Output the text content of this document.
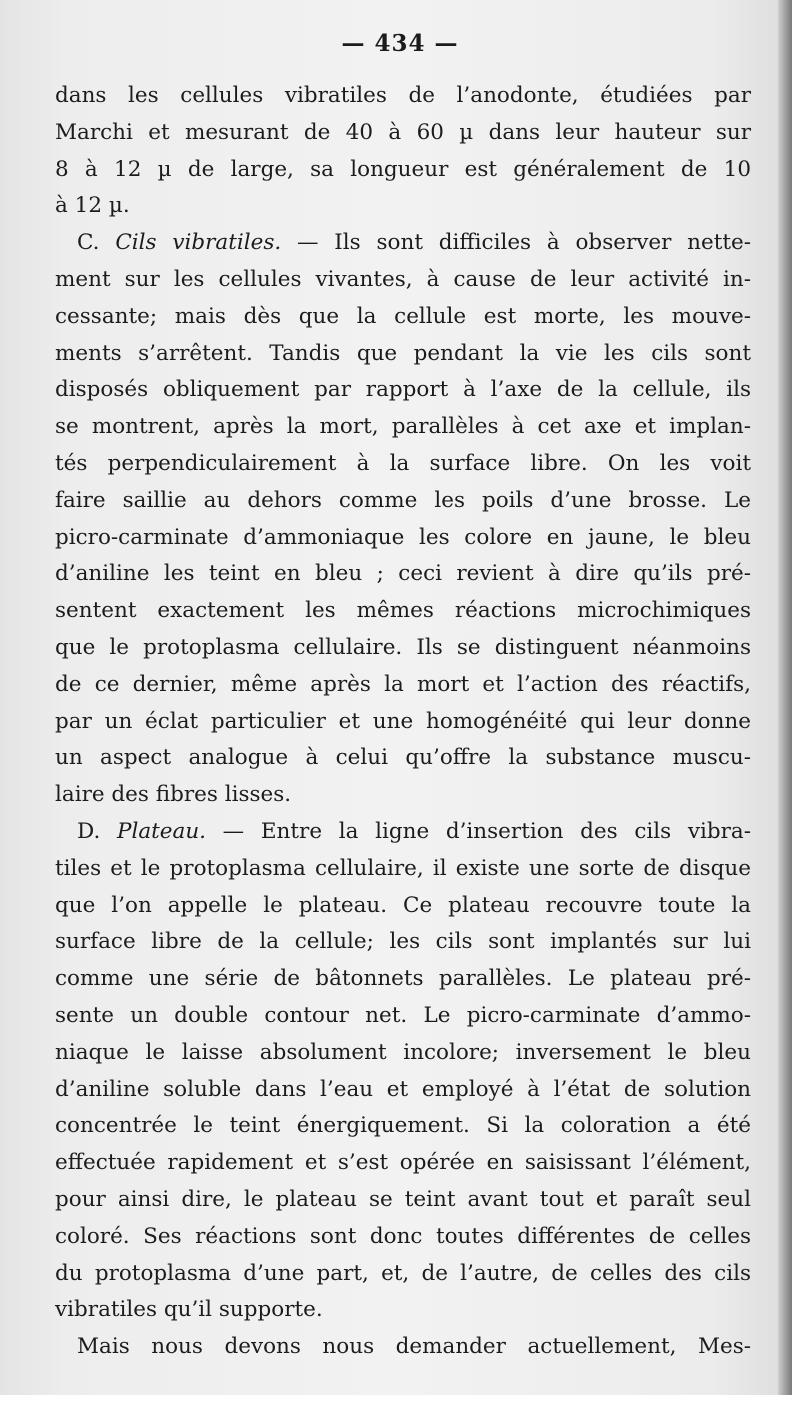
— 434 —
dans les cellules vibratiles de l’anodonte, étudiées par
Marchi et mesurant de 40 à 60 µ dans leur hauteur sur
8 à 12 µ de large, sa longueur est généralement de 10
à 12 µ.
C. Cils vibratiles. — Ils sont difficiles à observer nette-
ment sur les cellules vivantes, à cause de leur activité in-
cessante; mais dès que la cellule est morte, les mouve-
ments s’arrêtent. Tandis que pendant la vie les cils sont
disposés obliquement par rapport à l’axe de la cellule, ils
se montrent, après la mort, parallèles à cet axe et implan-
tés perpendiculairement à la surface libre. On les voit
faire saillie au dehors comme les poils d’une brosse. Le
picro-carminate d’ammoniaque les colore en jaune, le bleu
d’aniline les teint en bleu ; ceci revient à dire qu’ils pré-
sentent exactement les mêmes réactions microchimiques
que le protoplasma cellulaire. Ils se distinguent néanmoins
de ce dernier, même après la mort et l’action des réactifs,
par un éclat particulier et une homogénéité qui leur donne
un aspect analogue à celui qu’offre la substance muscu-
laire des fibres lisses.
D. Plateau. — Entre la ligne d’insertion des cils vibra-
tiles et le protoplasma cellulaire, il existe une sorte de disque
que l’on appelle le plateau. Ce plateau recouvre toute la
surface libre de la cellule; les cils sont implantés sur lui
comme une série de bâtonnets parallèles. Le plateau pré-
sente un double contour net. Le picro-carminate d’ammo-
niaque le laisse absolument incolore; inversement le bleu
d’aniline soluble dans l’eau et employé à l’état de solution
concentrée le teint énergiquement. Si la coloration a été
effectuée rapidement et s’est opérée en saisissant l’élément,
pour ainsi dire, le plateau se teint avant tout et paraît seul
coloré. Ses réactions sont donc toutes différentes de celles
du protoplasma d’une part, et, de l’autre, de celles des cils
vibratiles qu’il supporte.
Mais nous devons nous demander actuellement, Mes-
